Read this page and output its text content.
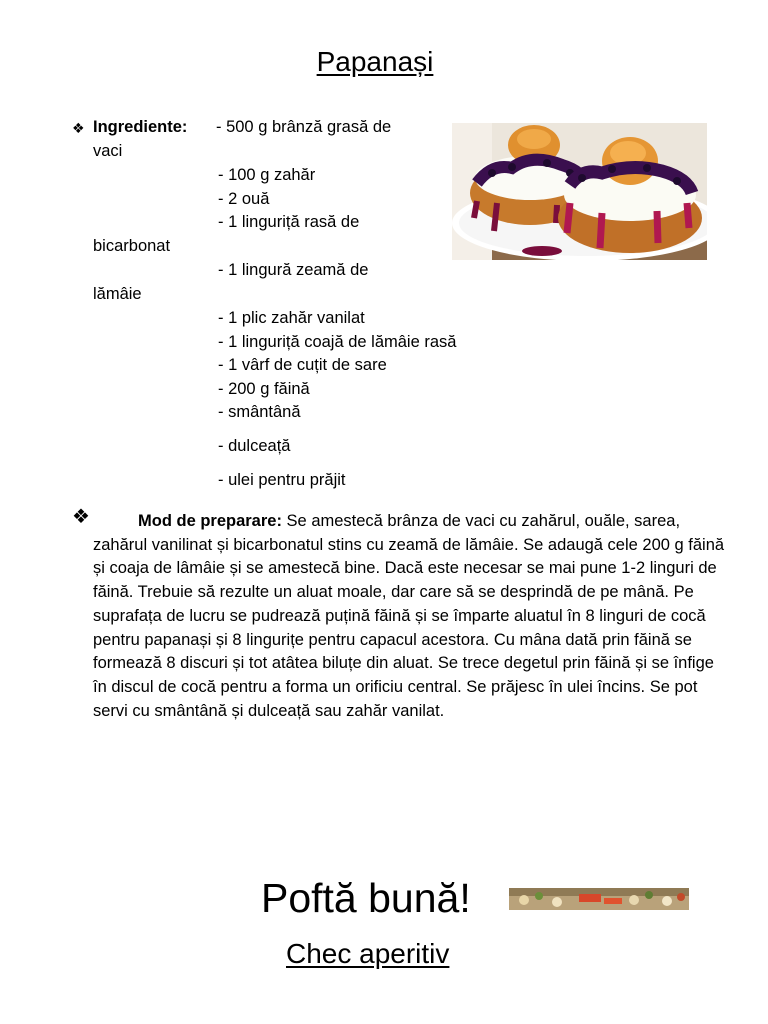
Papanași
❖ Ingrediente: - 500 g brânză grasă de
vaci
- 100 g zahăr
- 2 ouă
- 1 linguriță rasă de
bicarbonat
- 1 lingură zeamă de
lămâie
- 1 plic zahăr vanilat
- 1 linguriță coajă de lămâie rasă
- 1 vârf de cuțit de sare
- 200 g făină
- smântână
- dulceață
- ulei pentru prăjit
❖	Mod de preparare: Se amestecă brânza de vaci cu zahărul, ouăle, sarea, zahărul vanilinat și bicarbonatul stins cu zeamă de lămâie. Se adaugă cele 200 g făină și coaja de lâmâie și se amestecă bine. Dacă este necesar se mai pune 1-2 linguri de făină. Trebuie să rezulte un aluat moale, dar care să se desprindă de pe mână. Pe suprafața de lucru se pudrează puțină făină și se împarte aluatul în 8 linguri de cocă pentru papanași și 8 lingurițe pentru capacul acestora. Cu mâna dată prin făină se formează 8 discuri și tot atâtea biluțe din aluat. Se trece degetul prin făină și se înfige în discul de cocă pentru a forma un orificiu central. Se prăjesc în ulei încins. Se pot servi cu smântână și dulceață sau zahăr vanilat.
Poftă bună!
Chec aperitiv
